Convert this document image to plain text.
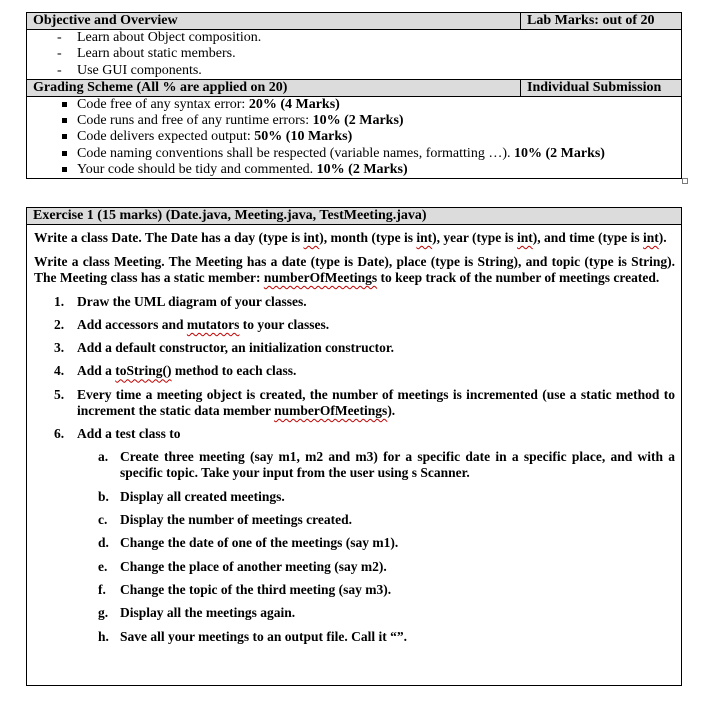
Objective and Overview	Lab Marks: out of 20
- Learn about Object composition.
- Learn about static members.
- Use GUI components.
Grading Scheme (All % are applied on 20)	Individual Submission
Code free of any syntax error: 20% (4 Marks)
Code runs and free of any runtime errors: 10% (2 Marks)
Code delivers expected output: 50% (10 Marks)
Code naming conventions shall be respected (variable names, formatting …). 10% (2 Marks)
Your code should be tidy and commented. 10% (2 Marks)
Exercise 1 (15 marks) (Date.java, Meeting.java, TestMeeting.java)

Write a class Date. The Date has a day (type is int), month (type is int), year (type is int), and time (type is int).

Write a class Meeting. The Meeting has a date (type is Date), place (type is String), and topic (type is String). The Meeting class has a static member: numberOfMeetings to keep track of the number of meetings created.

1. Draw the UML diagram of your classes.
2. Add accessors and mutators to your classes.
3. Add a default constructor, an initialization constructor.
4. Add a toString() method to each class.
5. Every time a meeting object is created, the number of meetings is incremented (use a static method to increment the static data member numberOfMeetings).
6. Add a test class to
a. Create three meeting (say m1, m2 and m3) for a specific date in a specific place, and with a specific topic. Take your input from the user using s Scanner.
b. Display all created meetings.
c. Display the number of meetings created.
d. Change the date of one of the meetings (say m1).
e. Change the place of another meeting (say m2).
f. Change the topic of the third meeting (say m3).
g. Display all the meetings again.
h. Save all your meetings to an output file. Call it “”.
